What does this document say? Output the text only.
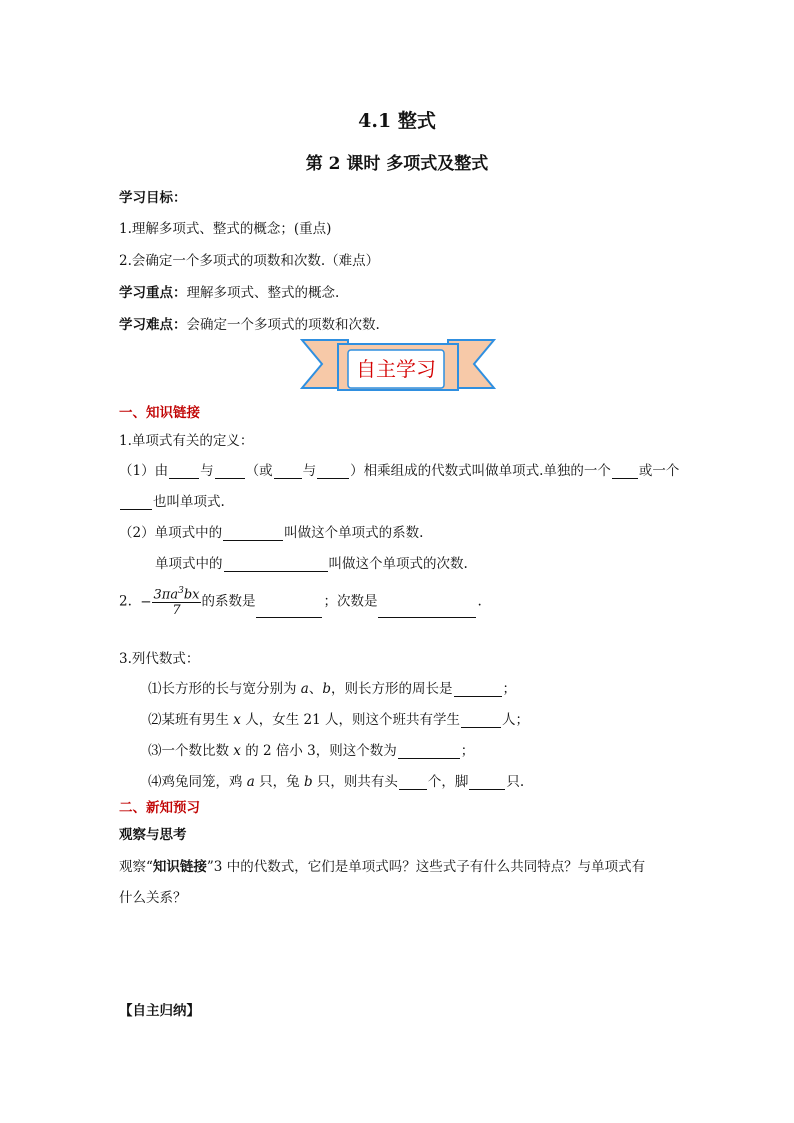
4.1 整式
第 2 课时 多项式及整式
学习目标：
1.理解多项式、整式的概念；(重点)
2.会确定一个多项式的项数和次数.（难点）
学习重点：理解多项式、整式的概念.
学习难点：会确定一个多项式的项数和次数.
自主学习
一、知识链接
1.单项式有关的定义：
（1）由 与 （或 与	）相乘组成的代数式叫做单项式.单独的一个 或一个
也叫单项式.
（2）单项式中的	叫做这个单项式的系数.
单项式中的	叫做这个单项式的次数.
2. − $\frac{3\pi a^3bx}{7}$ 的系数是	；次数是	.
3.列代数式：
⑴长方形的长与宽分别为 a、b，则长方形的周长是	；
⑵某班有男生 x 人，女生 21 人，则这个班共有学生	人；
⑶一个数比数 x 的 2 倍小 3，则这个数为	；
⑷鸡兔同笼，鸡 a 只，兔 b 只，则共有头 个，脚	只.
二、新知预习
观察与思考
观察“知识链接”3 中的代数式，它们是单项式吗？这些式子有什么共同特点？与单项式有
什么关系？
【自主归纳】
